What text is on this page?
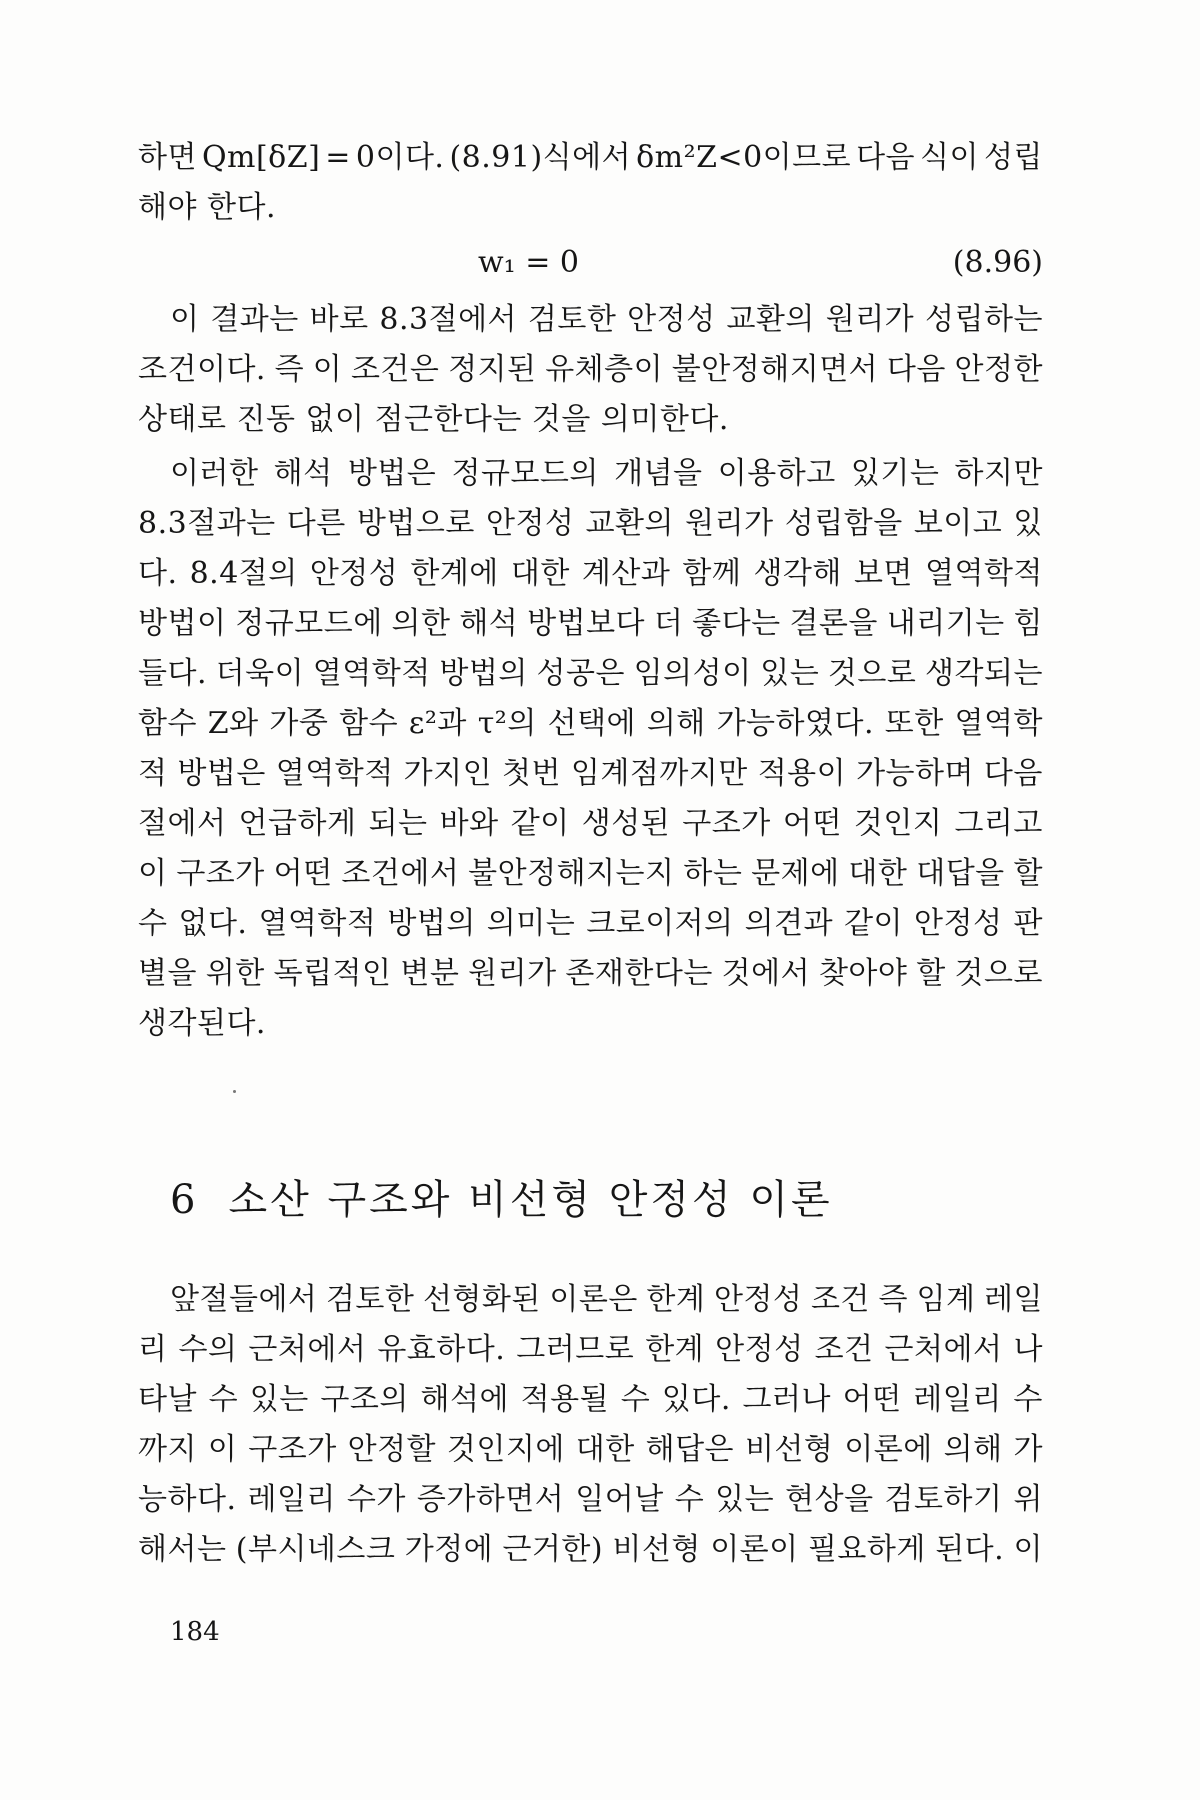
하면 Qm[δZ] = 0이다. (8.91)식에서 δm²Z<0이므로 다음 식이 성립
해야 한다.
w₁ = 0	(8.96)
이 결과는 바로 8.3절에서 검토한 안정성 교환의 원리가 성립하는
조건이다. 즉 이 조건은 정지된 유체층이 불안정해지면서 다음 안정한
상태로 진동 없이 점근한다는 것을 의미한다.
이러한 해석 방법은 정규모드의 개념을 이용하고 있기는 하지만
8.3절과는 다른 방법으로 안정성 교환의 원리가 성립함을 보이고 있
다. 8.4절의 안정성 한계에 대한 계산과 함께 생각해 보면 열역학적
방법이 정규모드에 의한 해석 방법보다 더 좋다는 결론을 내리기는 힘
들다. 더욱이 열역학적 방법의 성공은 임의성이 있는 것으로 생각되는
함수 Z와 가중 함수 ε²과 τ²의 선택에 의해 가능하였다. 또한 열역학
적 방법은 열역학적 가지인 첫번 임계점까지만 적용이 가능하며 다음
절에서 언급하게 되는 바와 같이 생성된 구조가 어떤 것인지 그리고
이 구조가 어떤 조건에서 불안정해지는지 하는 문제에 대한 대답을 할
수 없다. 열역학적 방법의 의미는 크로이저의 의견과 같이 안정성 판
별을 위한 독립적인 변분 원리가 존재한다는 것에서 찾아야 할 것으로
생각된다.
6 소산 구조와 비선형 안정성 이론
앞절들에서 검토한 선형화된 이론은 한계 안정성 조건 즉 임계 레일
리 수의 근처에서 유효하다. 그러므로 한계 안정성 조건 근처에서 나
타날 수 있는 구조의 해석에 적용될 수 있다. 그러나 어떤 레일리 수
까지 이 구조가 안정할 것인지에 대한 해답은 비선형 이론에 의해 가
능하다. 레일리 수가 증가하면서 일어날 수 있는 현상을 검토하기 위
해서는 (부시네스크 가정에 근거한) 비선형 이론이 필요하게 된다. 이
184
